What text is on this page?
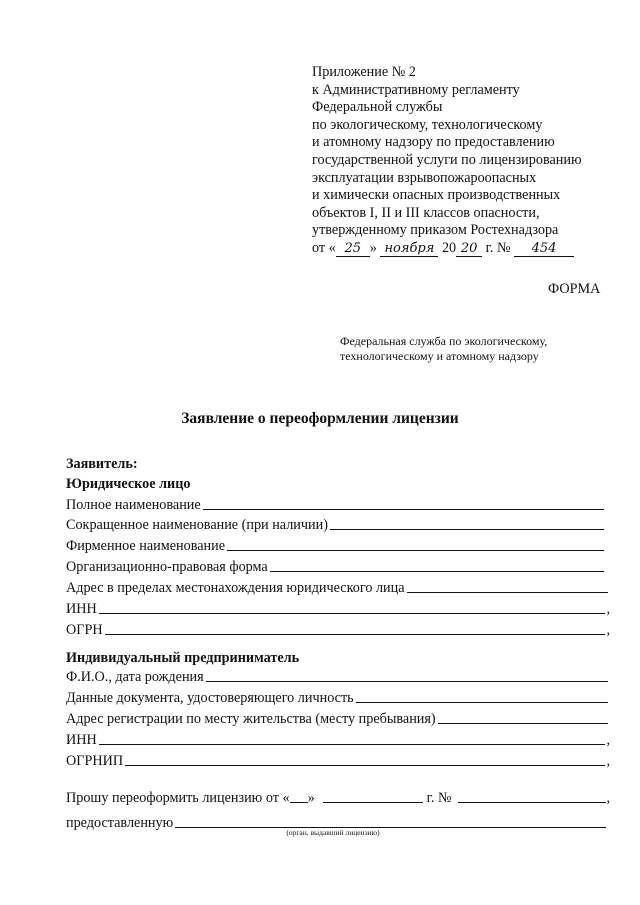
Приложение № 2
к Административному регламенту
Федеральной службы
по экологическому, технологическому
и атомному надзору по предоставлению
государственной услуги по лицензированию
эксплуатации взрывопожароопасных
и химически опасных производственных
объектов I, II и III классов опасности,
утвержденному приказом Ростехнадзора
от « 25 » ноября 20 20 г. № 454
ФОРМА
Федеральная служба по экологическому,
технологическому и атомному надзору
Заявление о переоформлении лицензии
Заявитель:
Юридическое лицо
Полное наименование
Сокращенное наименование (при наличии)
Фирменное наименование
Организационно-правовая форма
Адрес в пределах местонахождения юридического лица
ИНН	,
ОГРН	,
Индивидуальный предприниматель
Ф.И.О., дата рождения
Данные документа, удостоверяющего личность
Адрес регистрации по месту жительства (месту пребывания)
ИНН	,
ОГРНИП	,
Прошу переоформить лицензию от « »	г. №	,
предоставленную
(орган, выдавший лицензию)
